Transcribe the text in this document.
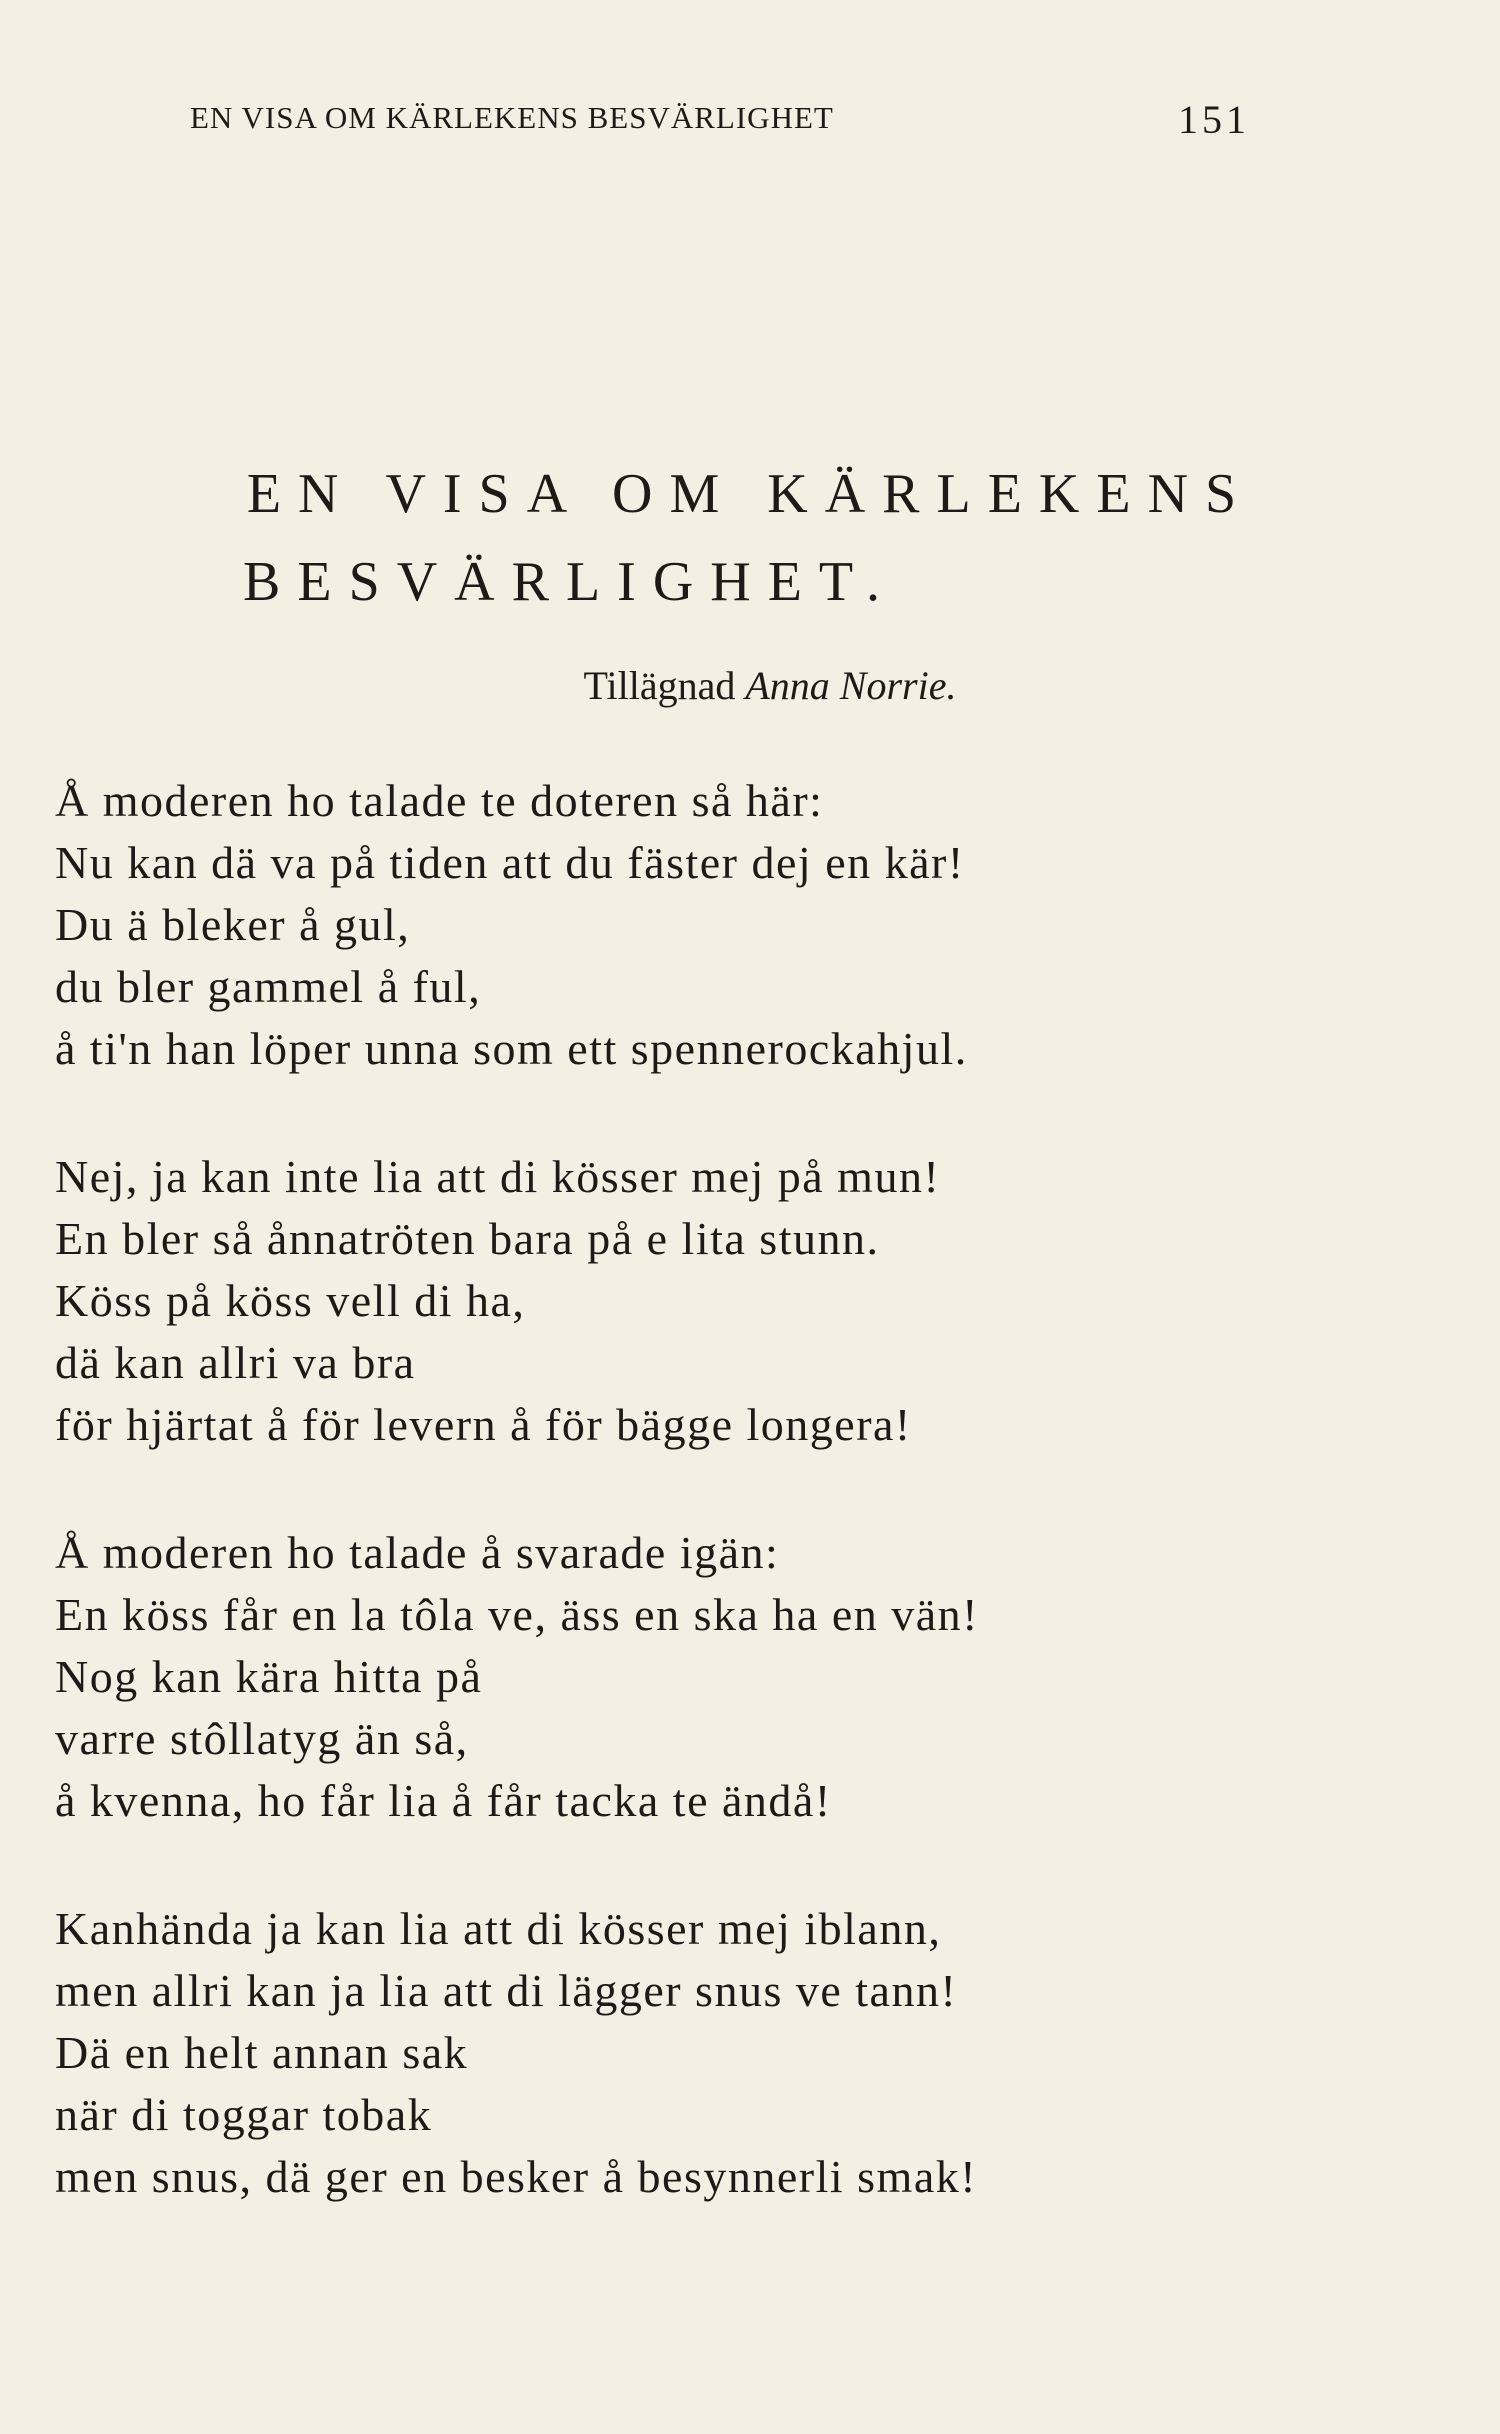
EN VISA OM KÄRLEKENS BESVÄRLIGHET	151
EN VISA OM KÄRLEKENS
BESVÄRLIGHET.
Tillägnad Anna Norrie.
Å moderen ho talade te doteren så här:
Nu kan dä va på tiden att du fäster dej en kär!
Du ä bleker å gul,
du bler gammel å ful,
å ti'n han löper unna som ett spennerockahjul.
Nej, ja kan inte lia att di kösser mej på mun!
En bler så ånnatröten bara på e lita stunn.
Köss på köss vell di ha,
dä kan allri va bra
för hjärtat å för levern å för bägge longera!
Å moderen ho talade å svarade igän:
En köss får en la tôla ve, äss en ska ha en vän!
Nog kan kära hitta på
varre stôllatyg än så,
å kvenna, ho får lia å får tacka te ändå!
Kanhända ja kan lia att di kösser mej iblann,
men allri kan ja lia att di lägger snus ve tann!
Dä en helt annan sak
när di toggar tobak
men snus, dä ger en besker å besynnerli smak!
